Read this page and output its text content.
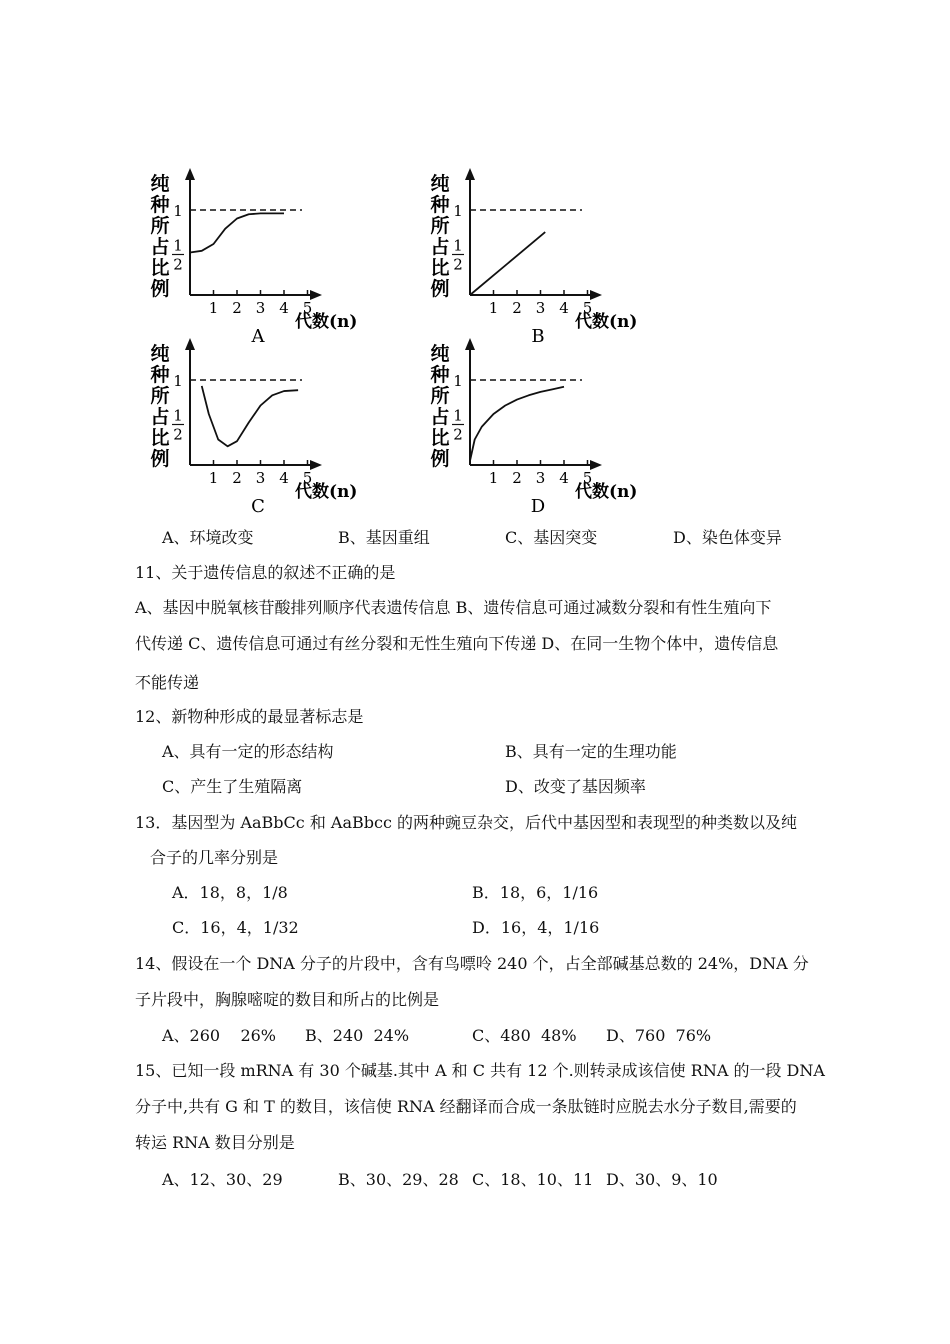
纯种所占比例
1
1
2
1 2 3 4 5
代数(n)
A
纯种所占比例
1
1
2
1 2 3 4 5
代数(n)
B
纯种所占比例
1
1
2
1 2 3 4 5
代数(n)
C
纯种所占比例
1
1
2
1 2 3 4 5
代数(n)
D
A、环境改变	B、基因重组	C、基因突变	D、染色体变异
11、关于遗传信息的叙述不正确的是
A、基因中脱氧核苷酸排列顺序代表遗传信息 B、遗传信息可通过减数分裂和有性生殖向下
代传递 C、遗传信息可通过有丝分裂和无性生殖向下传递 D、在同一生物个体中，遗传信息
不能传递
12、新物种形成的最显著标志是
A、具有一定的形态结构	B、具有一定的生理功能
C、产生了生殖隔离	D、改变了基因频率
13．基因型为 AaBbCc 和 AaBbcc 的两种豌豆杂交，后代中基因型和表现型的种类数以及纯
合子的几率分别是
A．18，8，1/8	B．18，6，1/16
C．16，4，1/32	D．16，4，1/16
14、假设在一个 DNA 分子的片段中，含有鸟嘌呤 240 个，占全部碱基总数的 24%，DNA 分
子片段中，胸腺嘧啶的数目和所占的比例是
A、260    26% B、240  24%	C、480  48% D、760  76%
15、已知一段 mRNA 有 30 个碱基.其中 A 和 C 共有 12 个.则转录成该信使 RNA 的一段 DNA
分子中,共有 G 和 T 的数目，该信使 RNA 经翻译而合成一条肽链时应脱去水分子数目,需要的
转运 RNA 数目分别是
A、12、30、29	B、30、29、28 C、18、10、11 D、30、9、10
